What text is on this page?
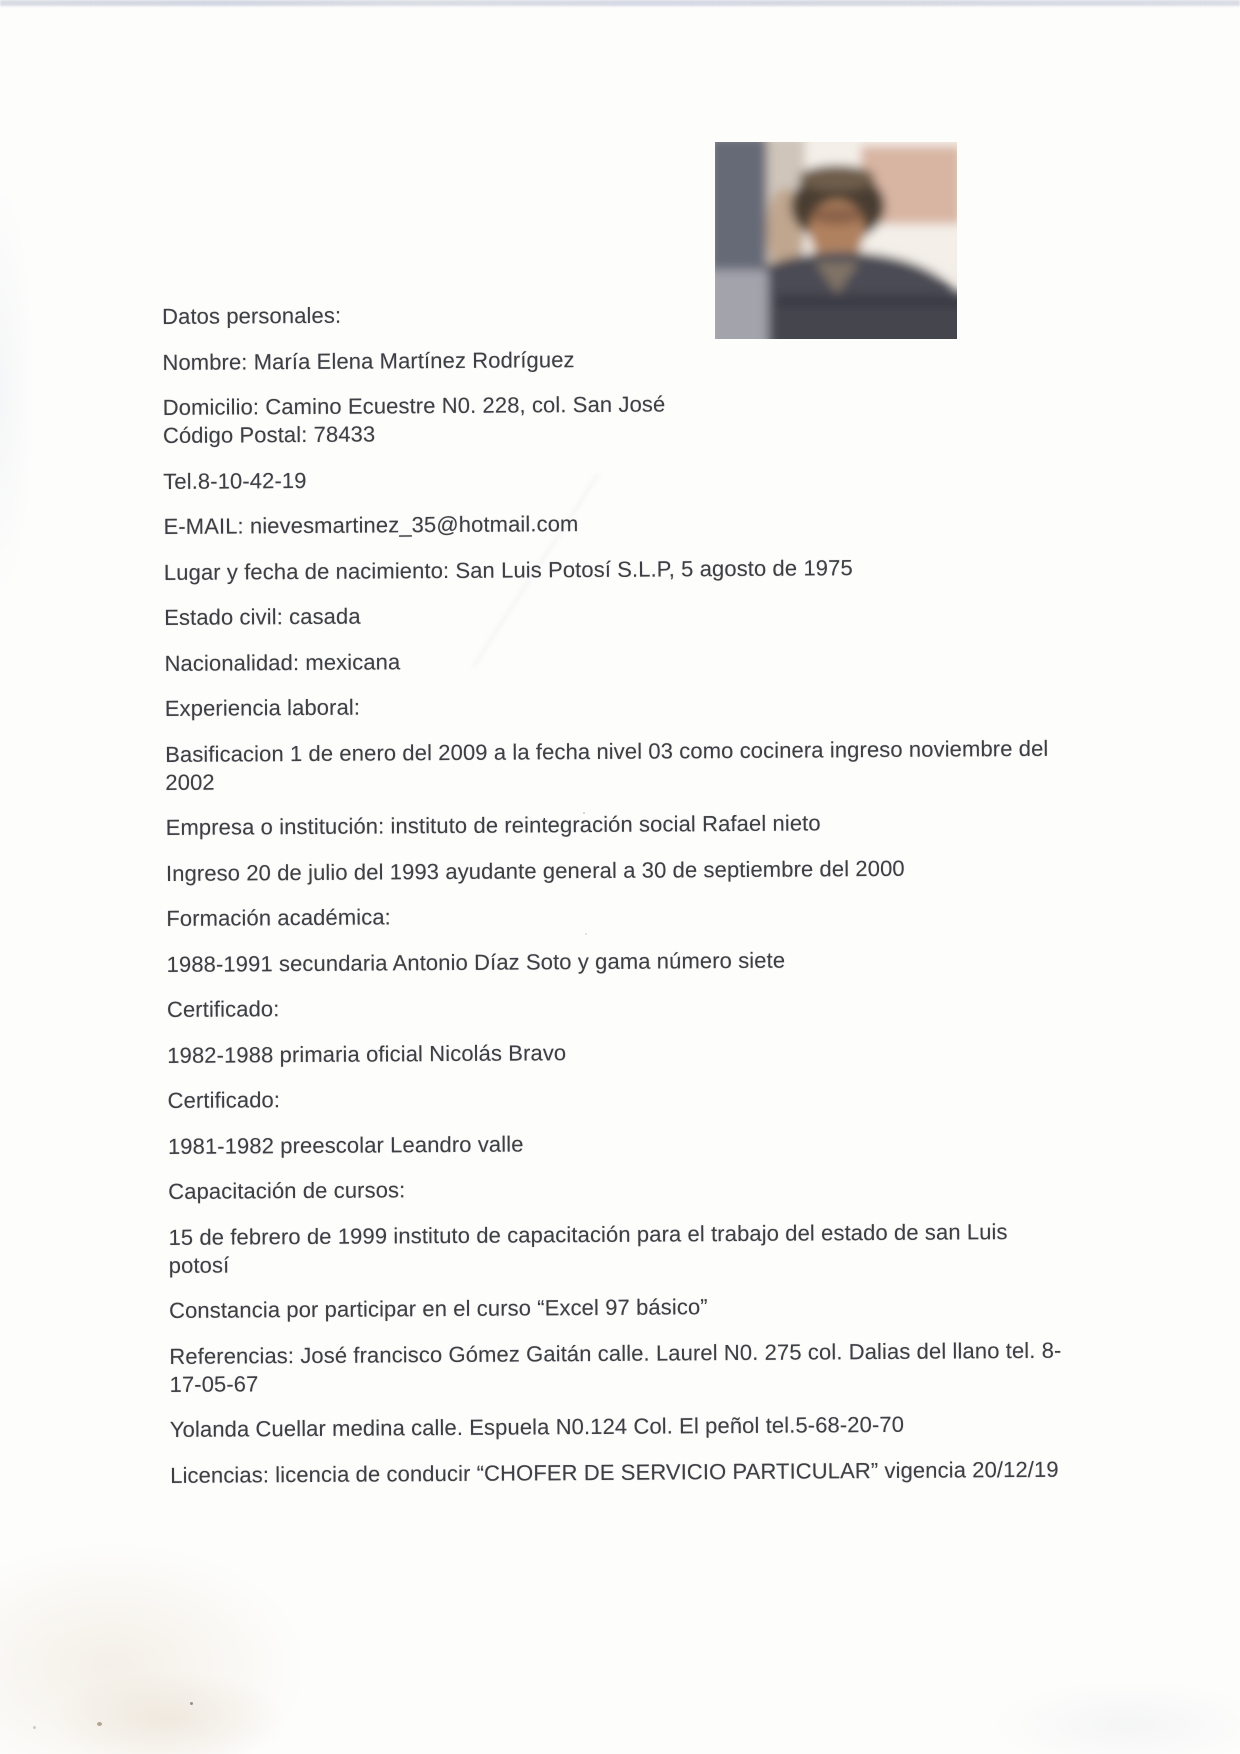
Datos personales:

Nombre: María Elena Martínez Rodríguez

Domicilio: Camino Ecuestre N0. 228, col. San José

Código Postal: 78433

Tel.8-10-42-19

E-MAIL: nievesmartinez_35@hotmail.com

Lugar y fecha de nacimiento: San Luis Potosí S.L.P, 5 agosto de 1975

Estado civil: casada

Nacionalidad: mexicana

Experiencia laboral:

Basificacion 1 de enero del 2009 a la fecha nivel 03 como cocinera ingreso noviembre del

2002

Empresa o institución: instituto de reintegración social Rafael nieto

Ingreso 20 de julio del 1993 ayudante general a 30 de septiembre del 2000

Formación académica:

1988-1991 secundaria Antonio Díaz Soto y gama número siete

Certificado:

1982-1988 primaria oficial Nicolás Bravo

Certificado:

1981-1982 preescolar Leandro valle

Capacitación de cursos:

15 de febrero de 1999 instituto de capacitación para el trabajo del estado de san Luis

potosí

Constancia por participar en el curso “Excel 97 básico”

Referencias: José francisco Gómez Gaitán calle. Laurel N0. 275 col. Dalias del llano tel. 8-

17-05-67

Yolanda Cuellar medina calle. Espuela N0.124 Col. El peñol tel.5-68-20-70

Licencias: licencia de conducir “CHOFER DE SERVICIO PARTICULAR” vigencia 20/12/19
